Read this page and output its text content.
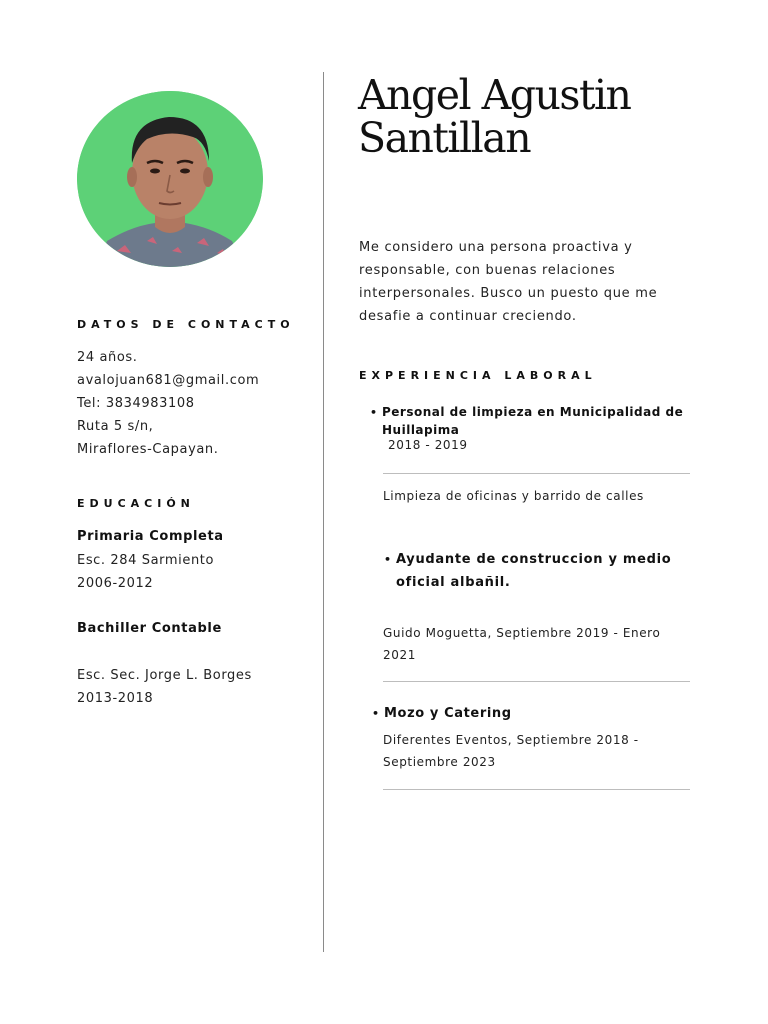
Angel Agustin
Santillan
Me considero una persona proactiva y
responsable, con buenas relaciones
interpersonales. Busco un puesto que me
desafie a continuar creciendo.
DATOS DE CONTACTO
24 años.
avalojuan681@gmail.com
Tel: 3834983108
Ruta 5 s/n,
Miraflores-Capayan.
EDUCACIÓN
Primaria Completa
Esc. 284 Sarmiento
2006-2012
Bachiller Contable
Esc. Sec. Jorge L. Borges
2013-2018
EXPERIENCIA LABORAL
• Personal de limpieza en Municipalidad de
Huillapima
2018 - 2019
Limpieza de oficinas y barrido de calles
• Ayudante de construccion y medio
oficial albañil.
Guido Moguetta, Septiembre 2019 - Enero
2021
• Mozo y Catering
Diferentes Eventos, Septiembre 2018 -
Septiembre 2023
